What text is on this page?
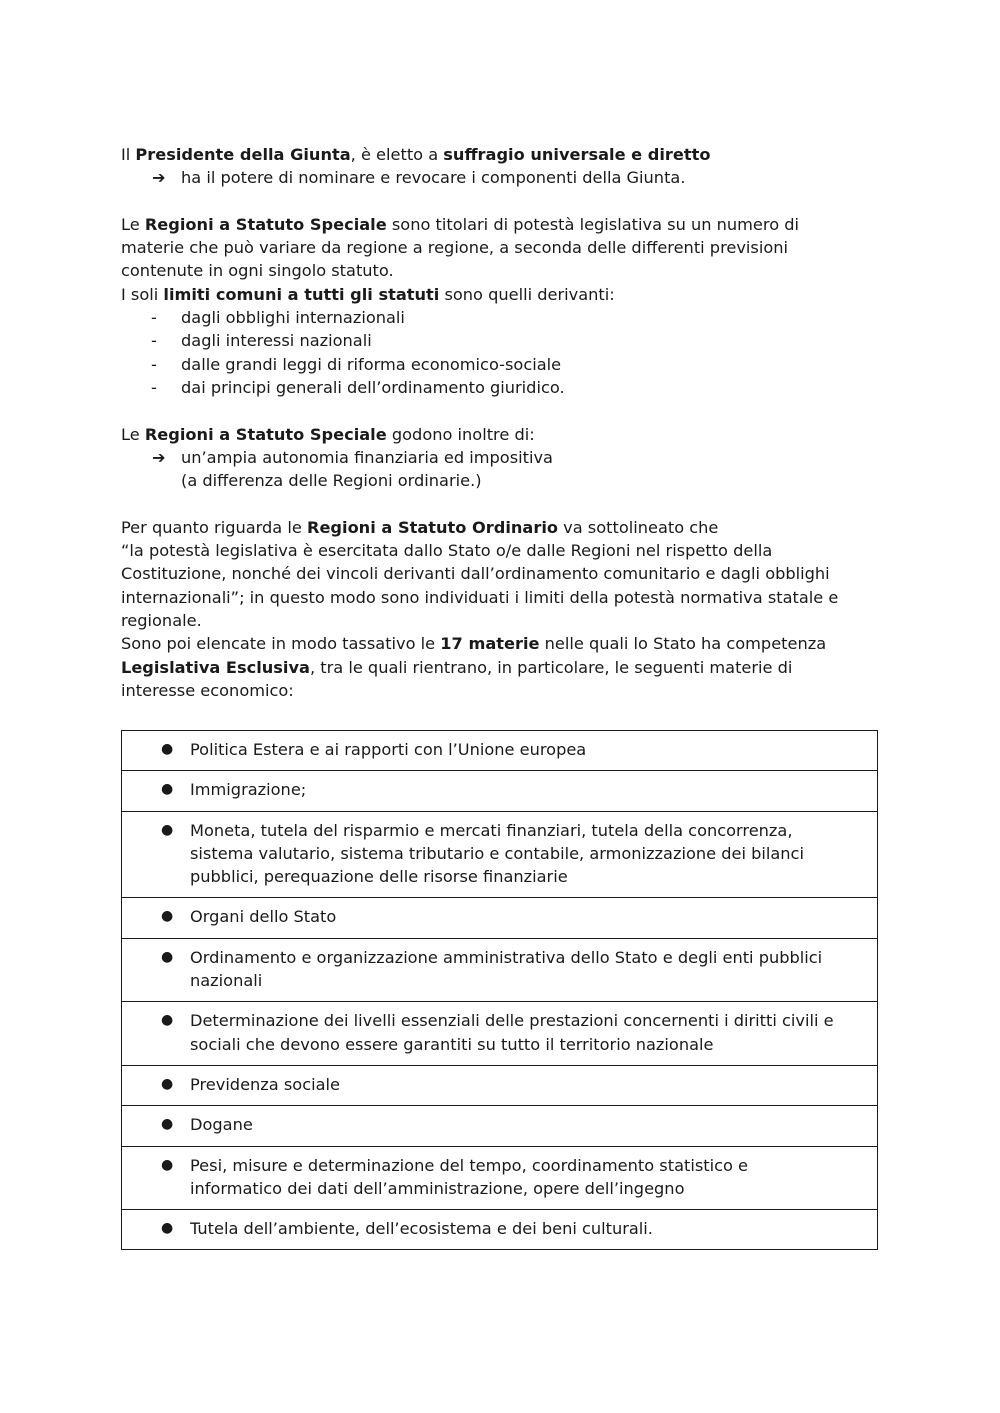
Il Presidente della Giunta, è eletto a suffragio universale e diretto
➔ ha il potere di nominare e revocare i componenti della Giunta.
Le Regioni a Statuto Speciale sono titolari di potestà legislativa su un numero di
materie che può variare da regione a regione, a seconda delle differenti previsioni
contenute in ogni singolo statuto.
I soli limiti comuni a tutti gli statuti sono quelli derivanti:
- dagli obblighi internazionali
- dagli interessi nazionali
- dalle grandi leggi di riforma economico-sociale
- dai principi generali dell’ordinamento giuridico.
Le Regioni a Statuto Speciale godono inoltre di:
➔ un’ampia autonomia finanziaria ed impositiva
(a differenza delle Regioni ordinarie.)
Per quanto riguarda le Regioni a Statuto Ordinario va sottolineato che
“la potestà legislativa è esercitata dallo Stato o/e dalle Regioni nel rispetto della
Costituzione, nonché dei vincoli derivanti dall’ordinamento comunitario e dagli obblighi
internazionali”; in questo modo sono individuati i limiti della potestà normativa statale e
regionale.
Sono poi elencate in modo tassativo le 17 materie nelle quali lo Stato ha competenza
Legislativa Esclusiva, tra le quali rientrano, in particolare, le seguenti materie di
interesse economico:
● Politica Estera e ai rapporti con l’Unione europea

● Immigrazione;

● Moneta, tutela del risparmio e mercati finanziari, tutela della concorrenza,
sistema valutario, sistema tributario e contabile, armonizzazione dei bilanci
pubblici, perequazione delle risorse finanziarie

● Organi dello Stato

● Ordinamento e organizzazione amministrativa dello Stato e degli enti pubblici
nazionali

● Determinazione dei livelli essenziali delle prestazioni concernenti i diritti civili e
sociali che devono essere garantiti su tutto il territorio nazionale

● Previdenza sociale

● Dogane

● Pesi, misure e determinazione del tempo, coordinamento statistico e
informatico dei dati dell’amministrazione, opere dell’ingegno

● Tutela dell’ambiente, dell’ecosistema e dei beni culturali.
